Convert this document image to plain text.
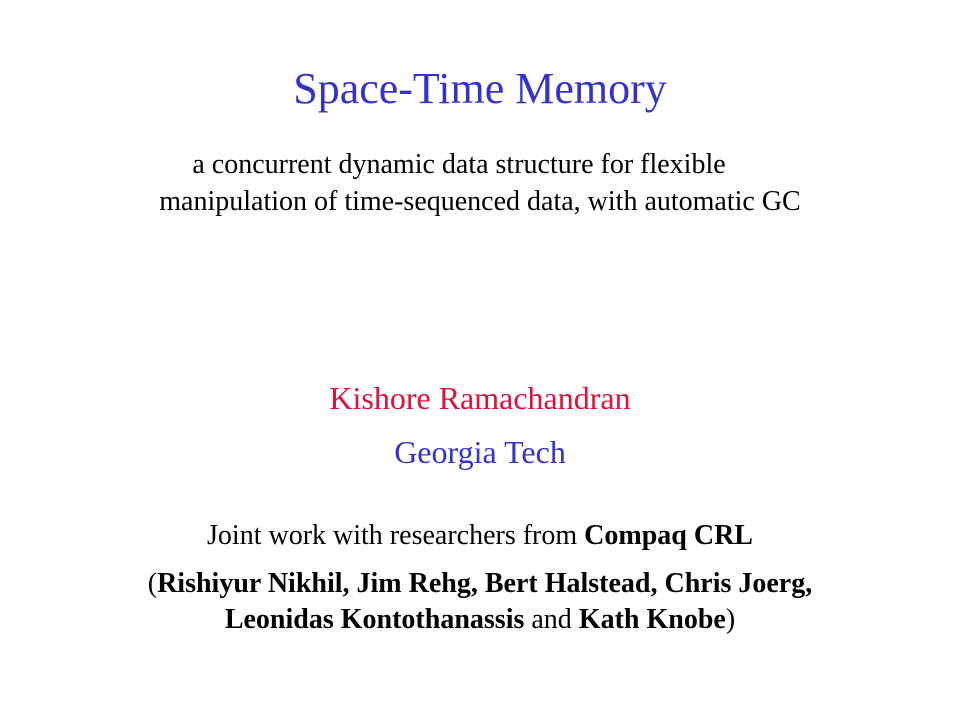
Space-Time Memory
a concurrent dynamic data structure for flexible
manipulation of time-sequenced data, with automatic GC
Kishore Ramachandran
Georgia Tech
Joint work with researchers from Compaq CRL
(Rishiyur Nikhil, Jim Rehg, Bert Halstead, Chris Joerg,
Leonidas Kontothanassis and Kath Knobe)
